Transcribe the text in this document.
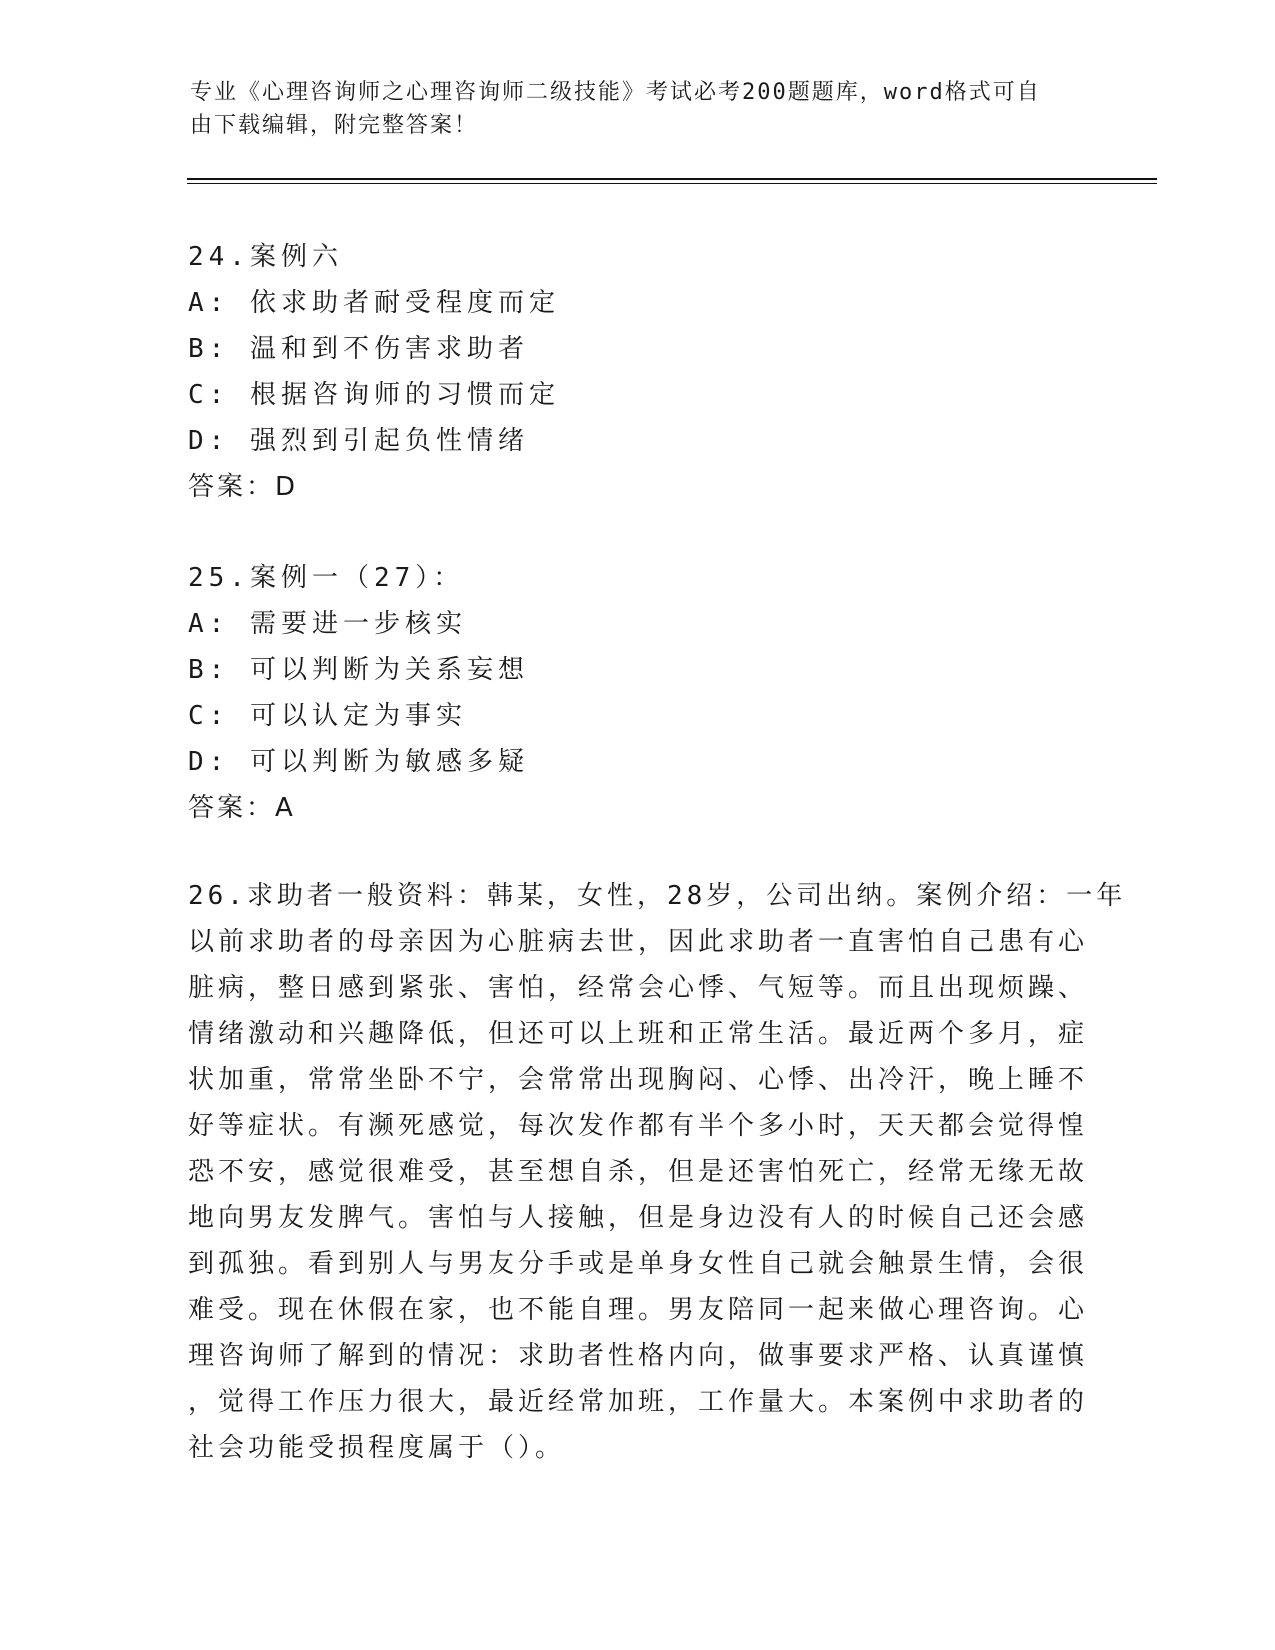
专业《心理咨询师之心理咨询师二级技能》考试必考200题题库，word格式可自
由下载编辑，附完整答案！
24.案例六
A: 依求助者耐受程度而定
B: 温和到不伤害求助者
C: 根据咨询师的习惯而定
D: 强烈到引起负性情绪
答案：D
25.案例一（27）：
A: 需要进一步核实
B: 可以判断为关系妄想
C: 可以认定为事实
D: 可以判断为敏感多疑
答案：A
26.求助者一般资料：韩某，女性，28岁，公司出纳。案例介绍：一年
以前求助者的母亲因为心脏病去世，因此求助者一直害怕自己患有心
脏病，整日感到紧张、害怕，经常会心悸、气短等。而且出现烦躁、
情绪激动和兴趣降低，但还可以上班和正常生活。最近两个多月，症
状加重，常常坐卧不宁，会常常出现胸闷、心悸、出冷汗，晚上睡不
好等症状。有濒死感觉，每次发作都有半个多小时，天天都会觉得惶
恐不安，感觉很难受，甚至想自杀，但是还害怕死亡，经常无缘无故
地向男友发脾气。害怕与人接触，但是身边没有人的时候自己还会感
到孤独。看到别人与男友分手或是单身女性自己就会触景生情，会很
难受。现在休假在家，也不能自理。男友陪同一起来做心理咨询。心
理咨询师了解到的情况：求助者性格内向，做事要求严格、认真谨慎
，觉得工作压力很大，最近经常加班，工作量大。本案例中求助者的
社会功能受损程度属于（）。
